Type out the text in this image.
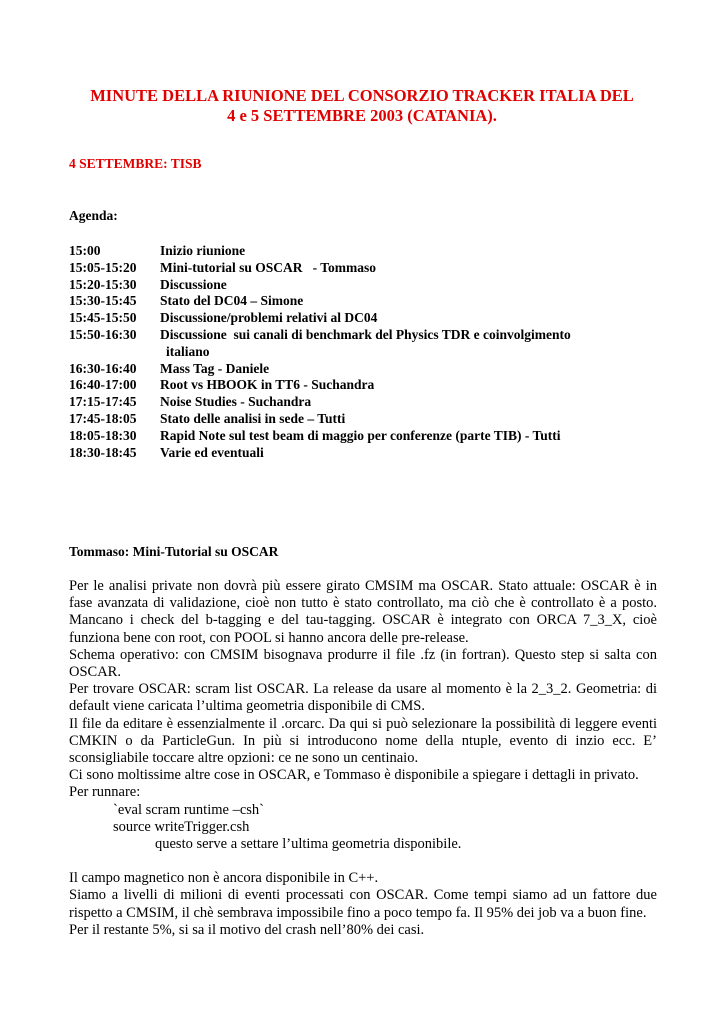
MINUTE DELLA RIUNIONE DEL CONSORZIO TRACKER ITALIA DEL
4 e 5 SETTEMBRE 2003 (CATANIA).
4 SETTEMBRE: TISB
Agenda:
15:00	Inizio riunione
15:05-15:20	Mini-tutorial su OSCAR   - Tommaso
15:20-15:30	Discussione
15:30-15:45	Stato del DC04 – Simone
15:45-15:50	Discussione/problemi relativi al DC04
15:50-16:30	Discussione  sui canali di benchmark del Physics TDR e coinvolgimento
italiano
16:30-16:40	Mass Tag - Daniele
16:40-17:00	Root vs HBOOK in TT6 - Suchandra
17:15-17:45	Noise Studies - Suchandra
17:45-18:05	Stato delle analisi in sede – Tutti
18:05-18:30	Rapid Note sul test beam di maggio per conferenze (parte TIB) - Tutti
18:30-18:45	Varie ed eventuali
Tommaso: Mini-Tutorial su OSCAR

Per le analisi private non dovrà più essere girato CMSIM ma OSCAR. Stato attuale: OSCAR è in fase avanzata di validazione, cioè non tutto è stato controllato, ma ciò che è controllato è a posto. Mancano i check del b-tagging e del tau-tagging. OSCAR è integrato con ORCA 7_3_X, cioè funziona bene con root, con POOL si hanno ancora delle pre-release.

Schema operativo: con CMSIM bisognava produrre il file .fz (in fortran). Questo step si salta con OSCAR.

Per trovare OSCAR: scram list OSCAR. La release da usare al momento è la 2_3_2. Geometria: di default viene caricata l’ultima geometria disponibile di CMS.

Il file da editare è essenzialmente il .orcarc. Da qui si può selezionare la possibilità di leggere eventi CMKIN o da ParticleGun. In più si introducono nome della ntuple, evento di inzio ecc. E’ sconsigliabile toccare altre opzioni: ce ne sono un centinaio.

Ci sono moltissime altre cose in OSCAR, e Tommaso è disponibile a spiegare i dettagli in privato.

Per runnare:

`eval scram runtime –csh`

source writeTrigger.csh

questo serve a settare l’ultima geometria disponibile.

Il campo magnetico non è ancora disponibile in C++.

Siamo a livelli di milioni di eventi processati con OSCAR. Come tempi siamo ad un fattore due rispetto a CMSIM, il chè sembrava impossibile fino a poco tempo fa. Il 95% dei job va a buon fine.

Per il restante 5%, si sa il motivo del crash nell’80% dei casi.
